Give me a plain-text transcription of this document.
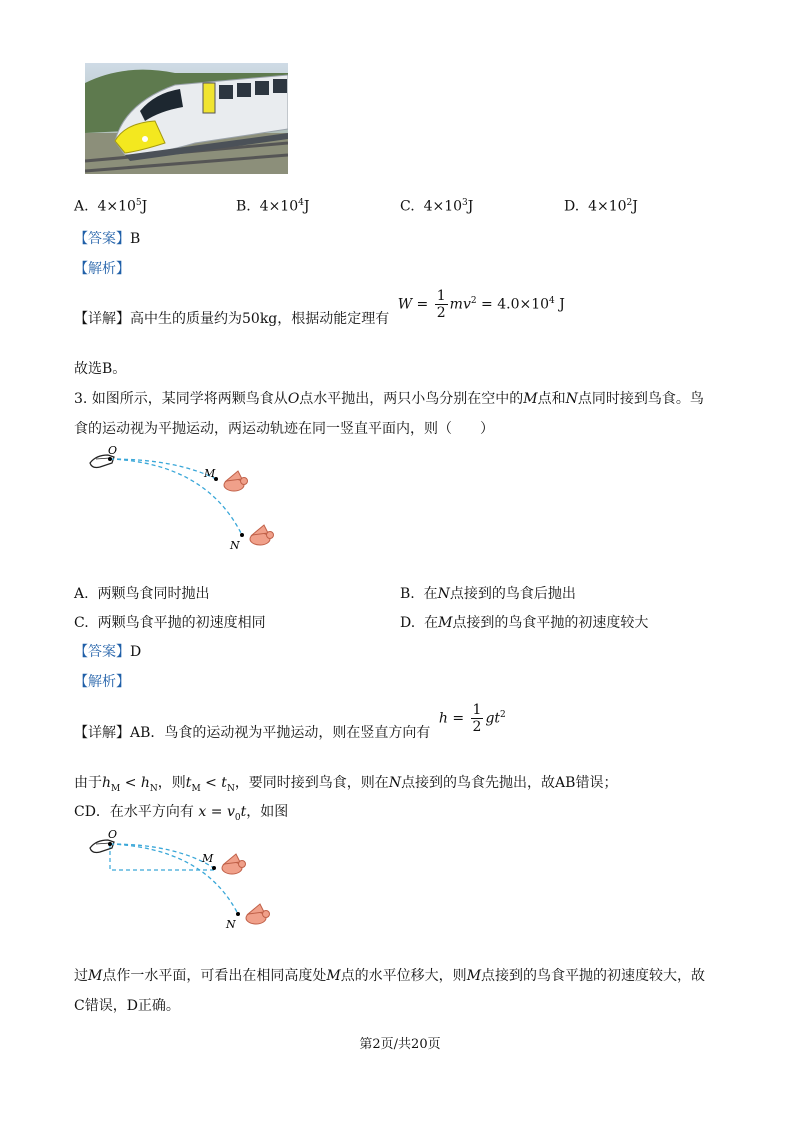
A. $4\times 10^5J$	B. $4\times 10^4J$	C. $4\times 10^3J$	D. $4\times 10^2J$
【答案】B
【解析】
【详解】高中生的质量约为50kg，根据动能定理有 $W = \frac{1}{2} mv^2 = 4.0\times 10^4$ J
故选B。
3. 如图所示，某同学将两颗鸟食从O点水平抛出，两只小鸟分别在空中的M点和N点同时接到鸟食。鸟
食的运动视为平抛运动，两运动轨迹在同一竖直平面内，则（　　）
O
M
N
A. 两颗鸟食同时抛出	B. 在N点接到的鸟食后抛出
C. 两颗鸟食平抛的初速度相同	D. 在M点接到的鸟食平抛的初速度较大
【答案】D
【解析】
【详解】AB．鸟食的运动视为平抛运动，则在竖直方向有 $h = \frac{1}{2} gt^2$
由于$h_M < h_N$，则$t_M < t_N$，要同时接到鸟食，则在N点接到的鸟食先抛出，故AB错误；
CD．在水平方向有 $x = v_0t$，如图
O
M
N
过M点作一水平面，可看出在相同高度处M点的水平位移大，则M点接到的鸟食平抛的初速度较大，故
C错误，D正确。
第2页/共20页
